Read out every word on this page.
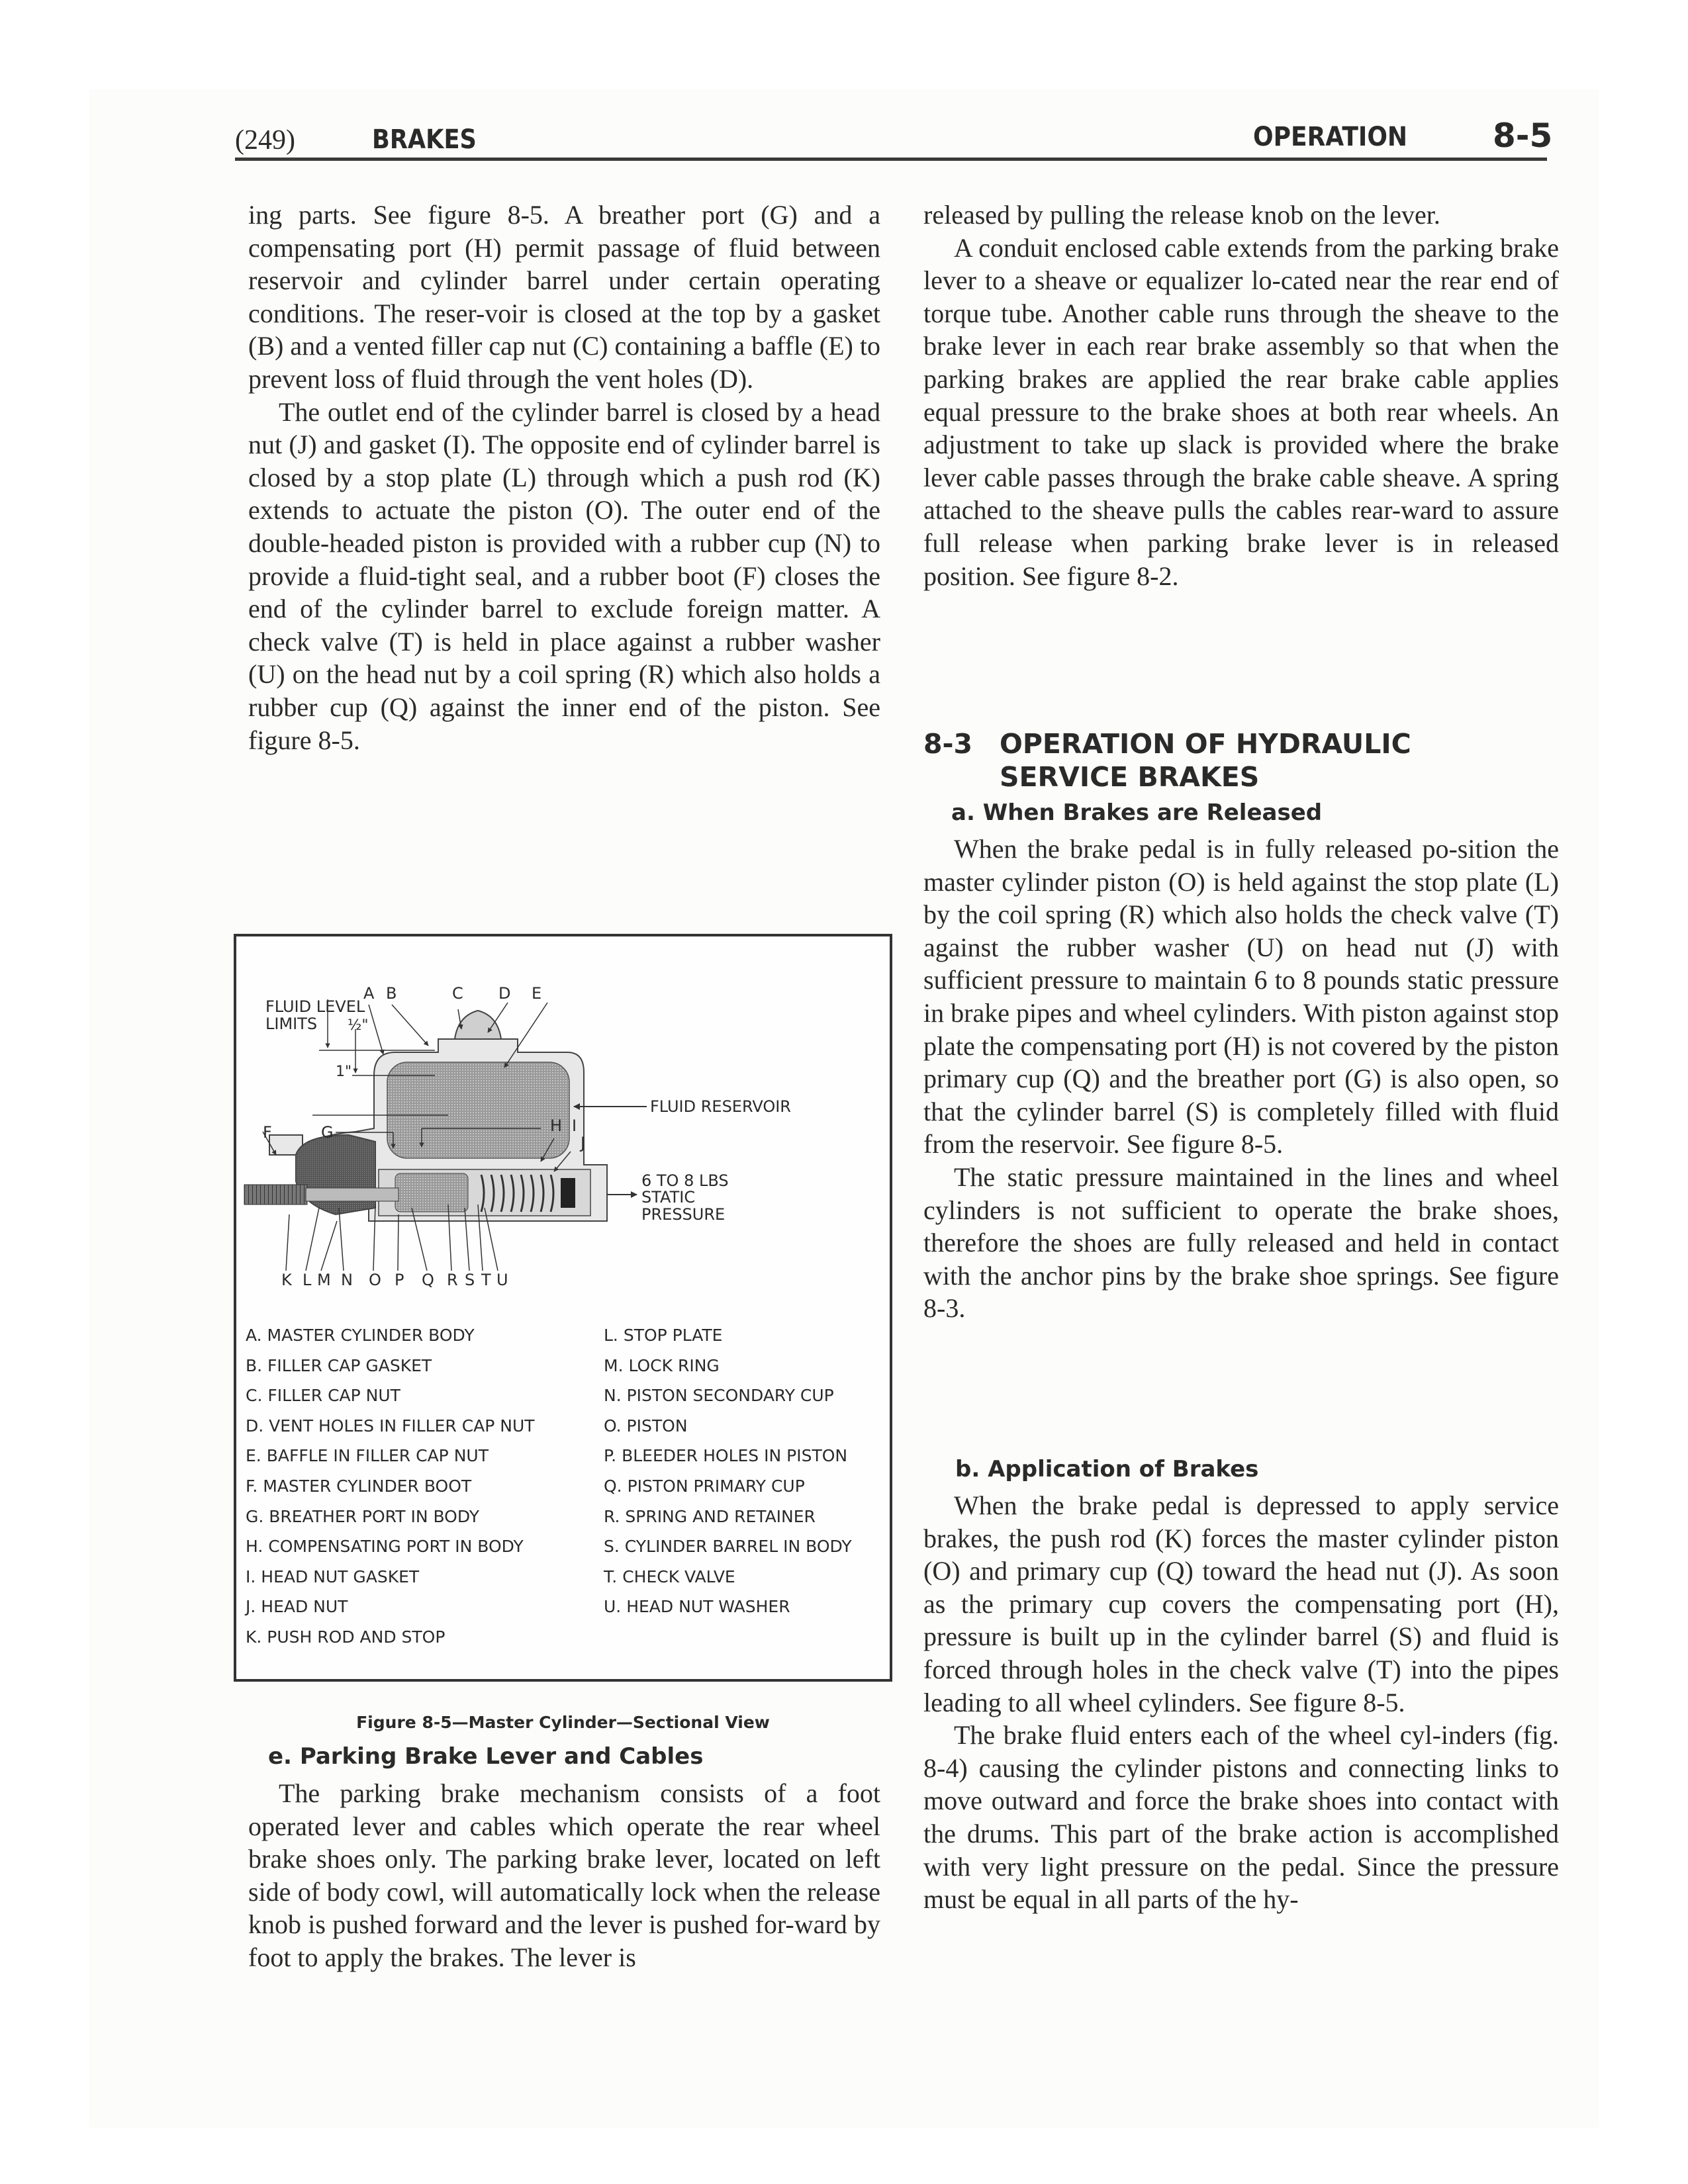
(249)	BRAKES	OPERATION	8-5

ing parts. See figure 8-5. A breather port (G) and a compensating port (H) permit passage of fluid between reservoir and cylinder barrel under certain operating conditions. The reser-voir is closed at the top by a gasket (B) and a vented filler cap nut (C) containing a baffle (E) to prevent loss of fluid through the vent holes (D).

The outlet end of the cylinder barrel is closed by a head nut (J) and gasket (I). The opposite end of cylinder barrel is closed by a stop plate (L) through which a push rod (K) extends to actuate the piston (O). The outer end of the double-headed piston is provided with a rubber cup (N) to provide a fluid-tight seal, and a rubber boot (F) closes the end of the cylinder barrel to exclude foreign matter. A check valve (T) is held in place against a rubber washer (U) on the head nut by a coil spring (R) which also holds a rubber cup (Q) against the inner end of the piston. See figure 8-5.

FLUID LEVEL
LIMITS ½"
1"
A B	C D E
FLUID RESERVOIR
F	G	H I
J
6 TO 8 LBS
STATIC
PRESSURE
K L M N O P Q R S T U
A. MASTER CYLINDER BODY
B. FILLER CAP GASKET
C. FILLER CAP NUT
D. VENT HOLES IN FILLER CAP NUT
E. BAFFLE IN FILLER CAP NUT
F. MASTER CYLINDER BOOT
G. BREATHER PORT IN BODY
H. COMPENSATING PORT IN BODY
I. HEAD NUT GASKET
J. HEAD NUT
K. PUSH ROD AND STOP
L. STOP PLATE
M. LOCK RING
N. PISTON SECONDARY CUP
O. PISTON
P. BLEEDER HOLES IN PISTON
Q. PISTON PRIMARY CUP
R. SPRING AND RETAINER
S. CYLINDER BARREL IN BODY
T. CHECK VALVE
U. HEAD NUT WASHER
Figure 8-5—Master Cylinder—Sectional View
e. Parking Brake Lever and Cables

The parking brake mechanism consists of a foot operated lever and cables which operate the rear wheel brake shoes only. The parking brake lever, located on left side of body cowl, will automatically lock when the release knob is pushed forward and the lever is pushed for-ward by foot to apply the brakes. The lever is

released by pulling the release knob on the lever.

A conduit enclosed cable extends from the parking brake lever to a sheave or equalizer lo-cated near the rear end of torque tube. Another cable runs through the sheave to the brake lever in each rear brake assembly so that when the parking brakes are applied the rear brake cable applies equal pressure to the brake shoes at both rear wheels. An adjustment to take up slack is provided where the brake lever cable passes through the brake cable sheave. A spring attached to the sheave pulls the cables rear-ward to assure full release when parking brake lever is in released position. See figure 8-2.

8-3 OPERATION OF HYDRAULIC
SERVICE BRAKES
a. When Brakes are Released

When the brake pedal is in fully released po-sition the master cylinder piston (O) is held against the stop plate (L) by the coil spring (R) which also holds the check valve (T) against the rubber washer (U) on head nut (J) with sufficient pressure to maintain 6 to 8 pounds static pressure in brake pipes and wheel cylinders. With piston against stop plate the compensating port (H) is not covered by the piston primary cup (Q) and the breather port (G) is also open, so that the cylinder barrel (S) is completely filled with fluid from the reservoir. See figure 8-5.

The static pressure maintained in the lines and wheel cylinders is not sufficient to operate the brake shoes, therefore the shoes are fully released and held in contact with the anchor pins by the brake shoe springs. See figure 8-3.

b. Application of Brakes

When the brake pedal is depressed to apply service brakes, the push rod (K) forces the master cylinder piston (O) and primary cup (Q) toward the head nut (J). As soon as the primary cup covers the compensating port (H), pressure is built up in the cylinder barrel (S) and fluid is forced through holes in the check valve (T) into the pipes leading to all wheel cylinders. See figure 8-5.

The brake fluid enters each of the wheel cyl-inders (fig. 8-4) causing the cylinder pistons and connecting links to move outward and force the brake shoes into contact with the drums. This part of the brake action is accomplished with very light pressure on the pedal. Since the pressure must be equal in all parts of the hy-
